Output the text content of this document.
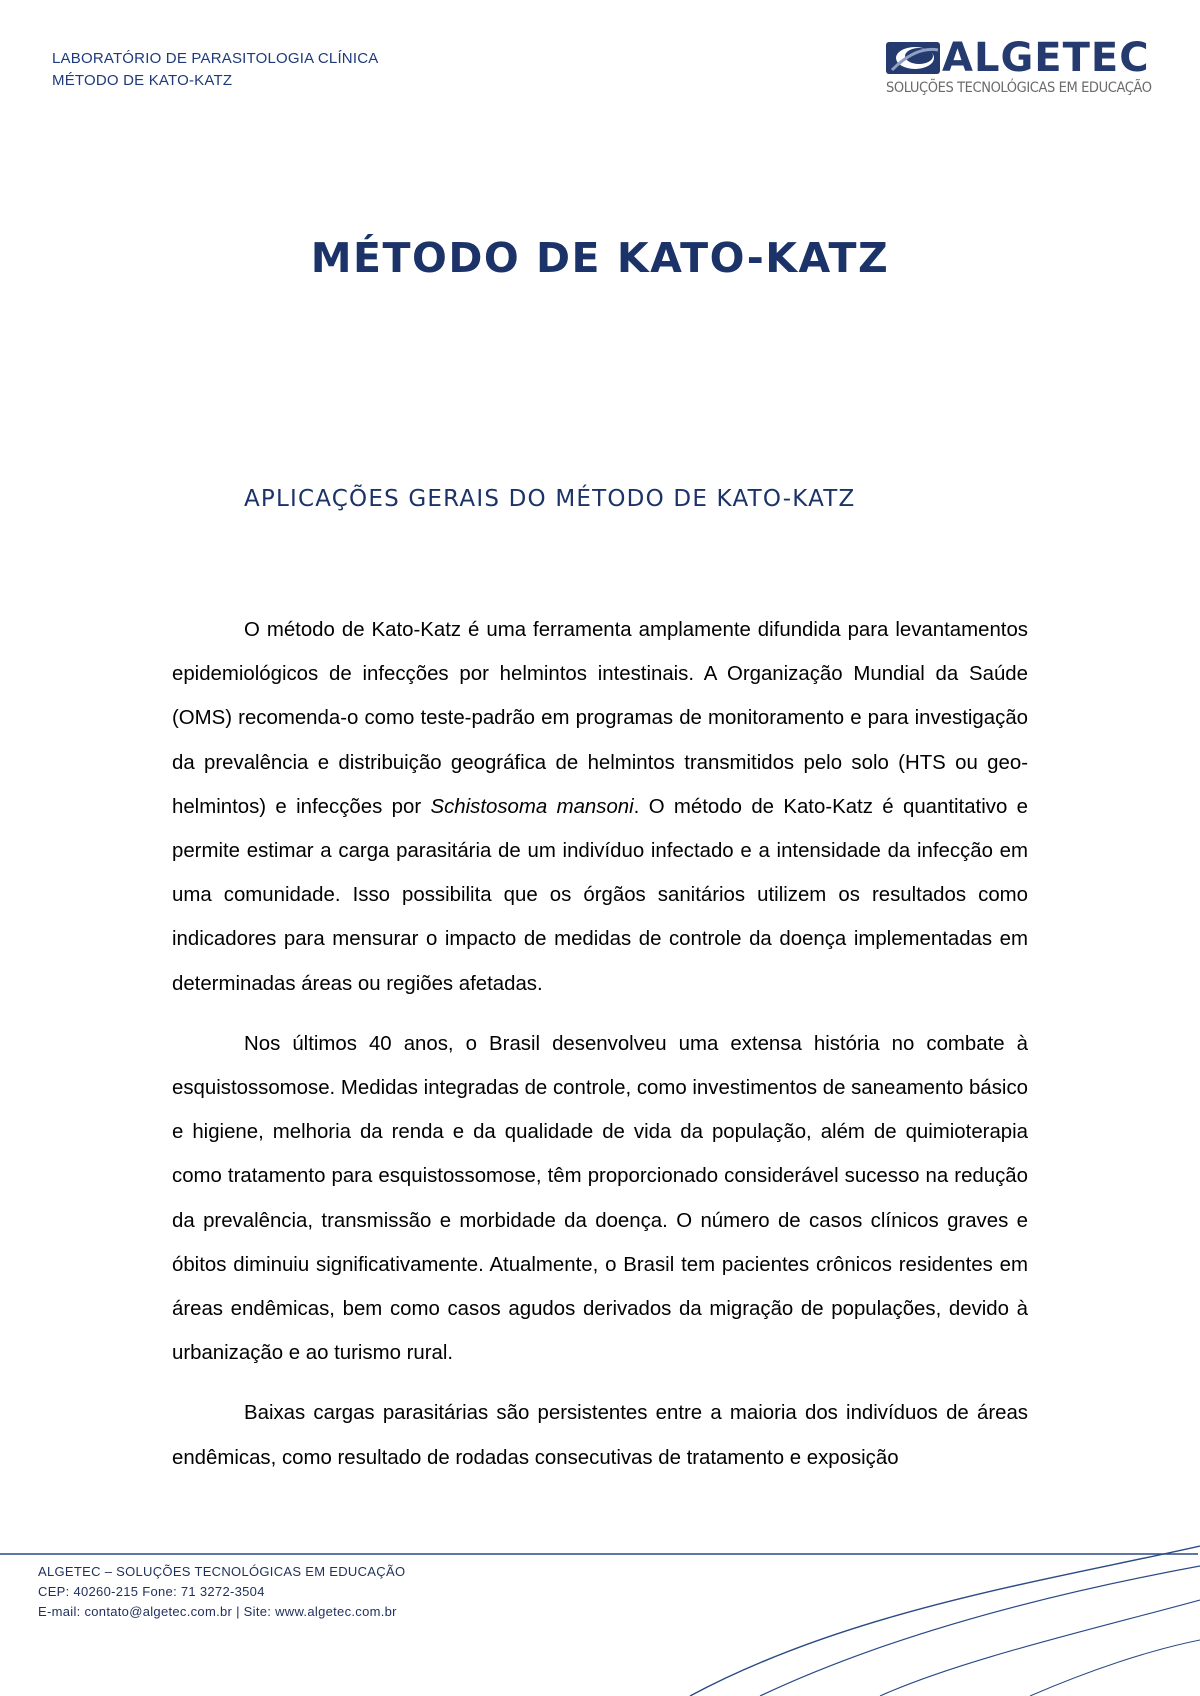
LABORATÓRIO DE PARASITOLOGIA CLÍNICA
MÉTODO DE KATO-KATZ	ALGETEC
SOLUÇÕES TECNOLÓGICAS EM EDUCAÇÃO
MÉTODO DE KATO-KATZ
APLICAÇÕES GERAIS DO MÉTODO DE KATO-KATZ

O método de Kato-Katz é uma ferramenta amplamente difundida para levantamentos epidemiológicos de infecções por helmintos intestinais. A Organização Mundial da Saúde (OMS) recomenda-o como teste-padrão em programas de monitoramento e para investigação da prevalência e distribuição geográfica de helmintos transmitidos pelo solo (HTS ou geo-helmintos) e infecções por Schistosoma mansoni. O método de Kato-Katz é quantitativo e permite estimar a carga parasitária de um indivíduo infectado e a intensidade da infecção em uma comunidade. Isso possibilita que os órgãos sanitários utilizem os resultados como indicadores para mensurar o impacto de medidas de controle da doença implementadas em determinadas áreas ou regiões afetadas.

Nos últimos 40 anos, o Brasil desenvolveu uma extensa história no combate à esquistossomose. Medidas integradas de controle, como investimentos de saneamento básico e higiene, melhoria da renda e da qualidade de vida da população, além de quimioterapia como tratamento para esquistossomose, têm proporcionado considerável sucesso na redução da prevalência, transmissão e morbidade da doença. O número de casos clínicos graves e óbitos diminuiu significativamente. Atualmente, o Brasil tem pacientes crônicos residentes em áreas endêmicas, bem como casos agudos derivados da migração de populações, devido à urbanização e ao turismo rural.

Baixas cargas parasitárias são persistentes entre a maioria dos indivíduos de áreas endêmicas, como resultado de rodadas consecutivas de tratamento e exposição

ALGETEC – SOLUÇÕES TECNOLÓGICAS EM EDUCAÇÃO
CEP: 40260-215 Fone: 71 3272-3504
E-mail: contato@algetec.com.br | Site: www.algetec.com.br
